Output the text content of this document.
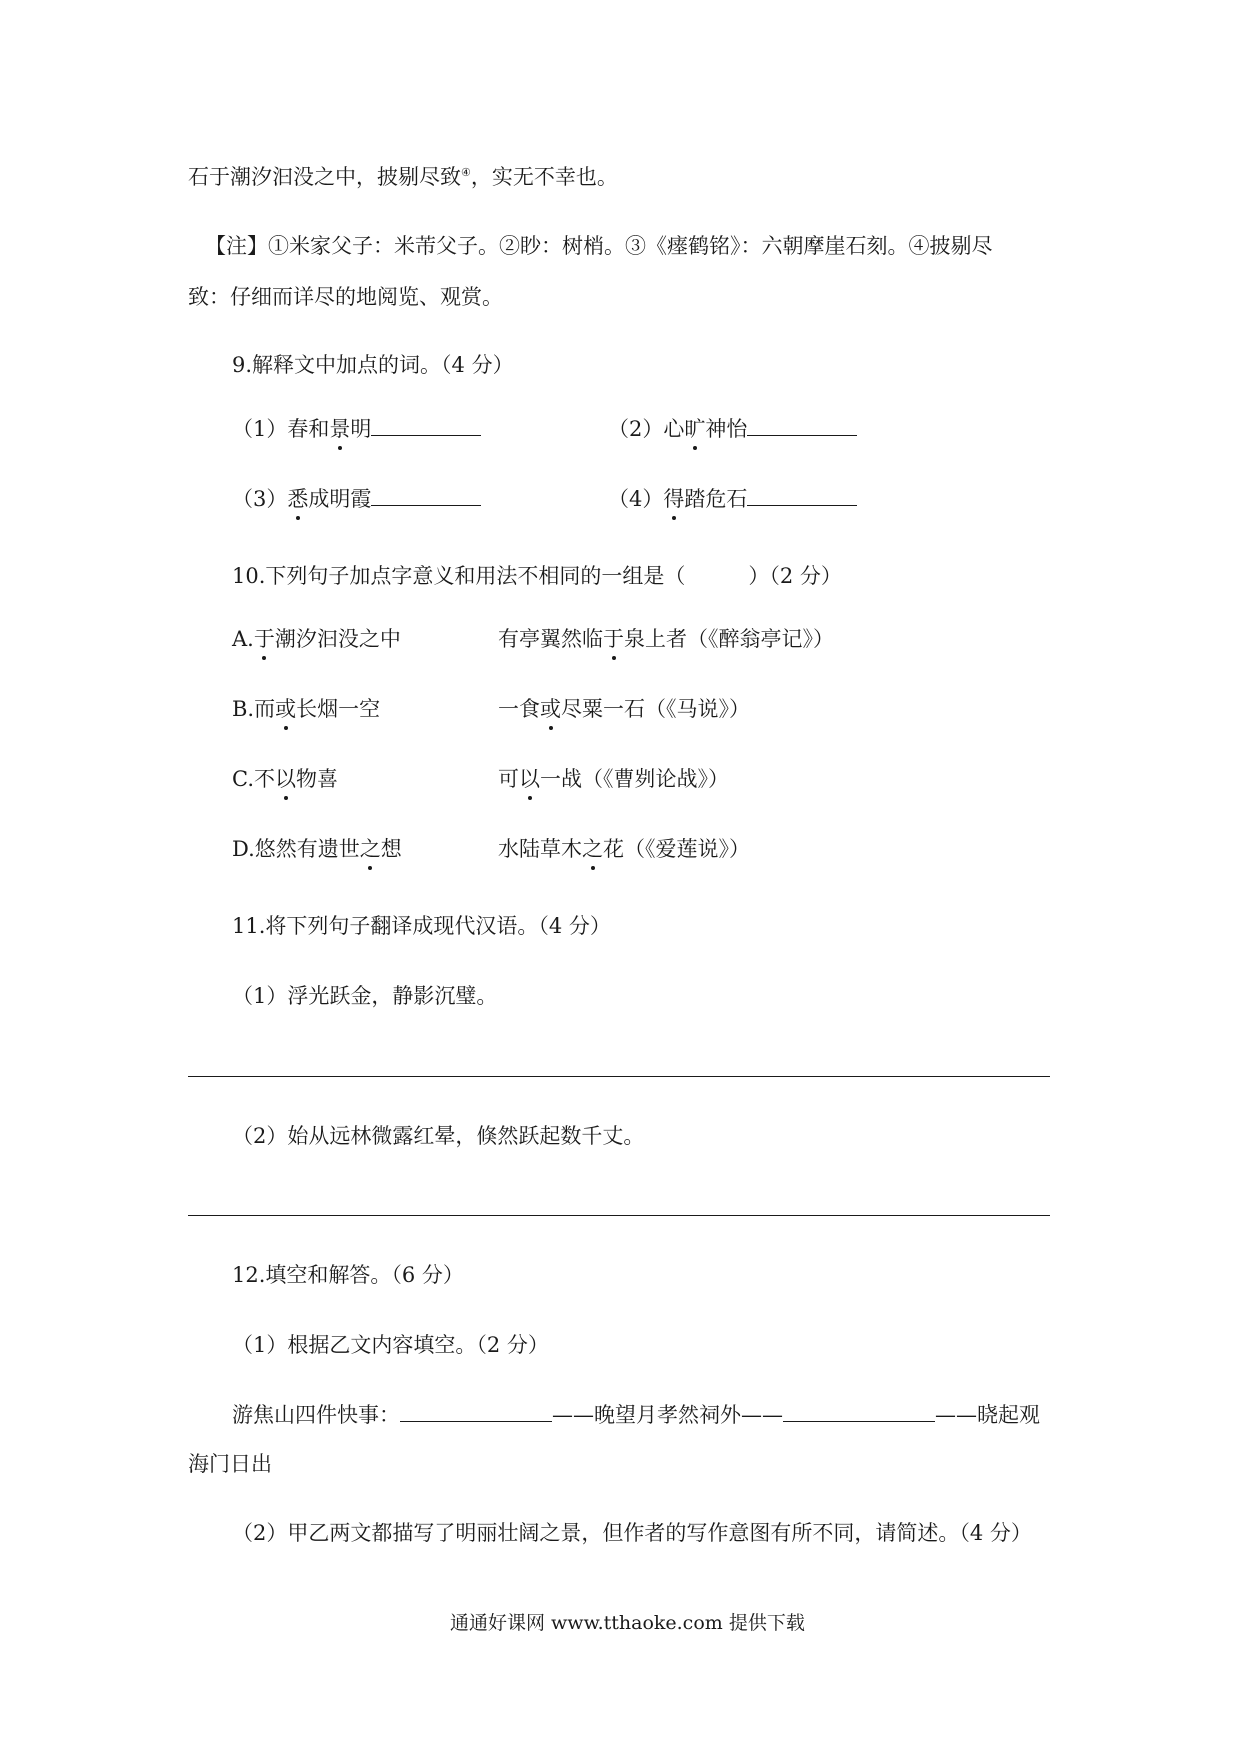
石于潮汐汩没之中，披剔尽致④，实无不幸也。
【注】①米家父子：米芾父子。②眇：树梢。③《瘗鹤铭》：六朝摩崖石刻。④披剔尽
致：仔细而详尽的地阅览、观赏。
9.解释文中加点的词。（4 分）
（1）春和景明	（2）心旷神怡
（3）悉成明霞	（4）得踏危石
10.下列句子加点字意义和用法不相同的一组是（　　　）（2 分）
A.于潮汐汩没之中	有亭翼然临于泉上者（《醉翁亭记》）
B.而或长烟一空	一食或尽粟一石（《马说》）
C.不以物喜	可以一战（《曹刿论战》）
D.悠然有遗世之想	水陆草木之花（《爱莲说》）
11.将下列句子翻译成现代汉语。（4 分）
（1）浮光跃金，静影沉璧。
（2）始从远林微露红晕，倏然跃起数千丈。
12.填空和解答。（6 分）
（1）根据乙文内容填空。（2 分）
游焦山四件快事：	——晚望月孝然祠外——	——晓起观
海门日出
（2）甲乙两文都描写了明丽壮阔之景，但作者的写作意图有所不同，请简述。（4 分）
通通好课网 www.tthaoke.com 提供下载
